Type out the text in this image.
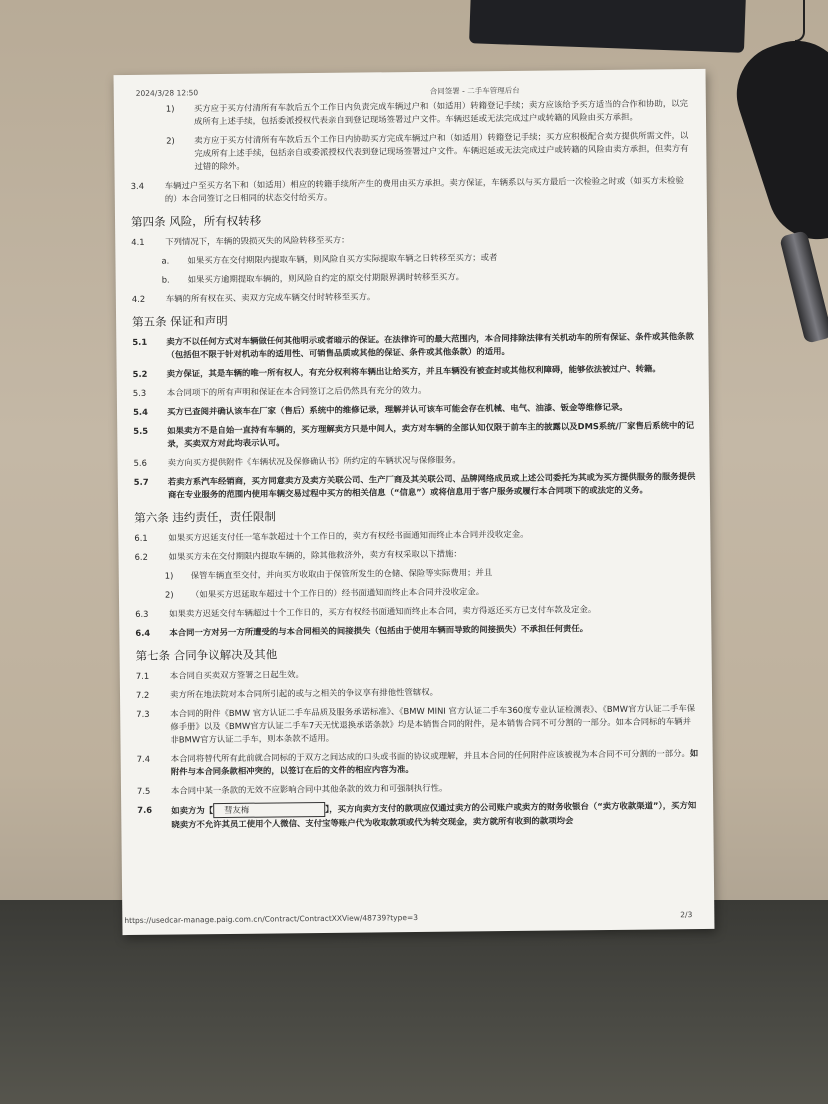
2024/3/28 12:50	合同签署 - 二手车管理后台
1)	买方应于买方付清所有车款后五个工作日内负责完成车辆过户和（如适用）转籍登记手续；卖方应该给予买方适当的合作和协助，以完成所有上述手续，包括委派授权代表亲自到登记现场签署过户文件。车辆迟延或无法完成过户或转籍的风险由买方承担。
2)	卖方应于买方付清所有车款后五个工作日内协助买方完成车辆过户和（如适用）转籍登记手续；买方应积极配合卖方提供所需文件，以完成所有上述手续，包括亲自或委派授权代表到登记现场签署过户文件。车辆迟延或无法完成过户或转籍的风险由卖方承担，但卖方有过错的除外。
3.4	车辆过户至买方名下和（如适用）相应的转籍手续所产生的费用由买方承担。卖方保证，车辆系以与买方最后一次检验之时或（如买方未检验的）本合同签订之日相同的状态交付给买方。
第四条 风险，所有权转移
4.1	下列情况下，车辆的毁损灭失的风险转移至买方：
a.	如果买方在交付期限内提取车辆，则风险自买方实际提取车辆之日转移至买方；或者
b.	如果买方逾期提取车辆的，则风险自约定的原交付期限界满时转移至买方。
4.2	车辆的所有权在买、卖双方完成车辆交付时转移至买方。
第五条 保证和声明
5.1	卖方不以任何方式对车辆做任何其他明示或者暗示的保证。在法律许可的最大范围内，本合同排除法律有关机动车的所有保证、条件或其他条款（包括但不限于针对机动车的适用性、可销售品质或其他的保证、条件或其他条款）的适用。
5.2	卖方保证，其是车辆的唯一所有权人，有充分权利将车辆出让给买方，并且车辆没有被查封或其他权利障碍，能够依法被过户、转籍。
5.3	本合同项下的所有声明和保证在本合同签订之后仍然具有充分的效力。
5.4	买方已查阅并确认该车在厂家（售后）系统中的维修记录，理解并认可该车可能会存在机械、电气、油漆、钣金等维修记录。
5.5	如果卖方不是自始一直持有车辆的，买方理解卖方只是中间人，卖方对车辆的全部认知仅限于前车主的披露以及DMS系统/厂家售后系统中的记录，买卖双方对此均表示认可。
5.6	卖方向买方提供附件《车辆状况及保修确认书》所约定的车辆状况与保修服务。
5.7	若卖方系汽车经销商，买方同意卖方及卖方关联公司、生产厂商及其关联公司、品牌网络成员或上述公司委托为其或为买方提供服务的服务提供商在专业服务的范围内使用车辆交易过程中买方的相关信息（“信息”）或将信息用于客户服务或履行本合同项下的或法定的义务。
第六条 违约责任，责任限制
6.1	如果买方迟延支付任一笔车款超过十个工作日的，卖方有权经书面通知而终止本合同并没收定金。
6.2	如果买方未在交付期限内提取车辆的，除其他救济外，卖方有权采取以下措施：
1)	保管车辆直至交付，并向买方收取由于保管所发生的仓储、保险等实际费用；并且
2)	（如果买方迟延取车超过十个工作日的）经书面通知而终止本合同并没收定金。
6.3	如果卖方迟延交付车辆超过十个工作日的，买方有权经书面通知而终止本合同，卖方得返还买方已支付车款及定金。
6.4	本合同一方对另一方所遭受的与本合同相关的间接损失（包括由于使用车辆而导致的间接损失）不承担任何责任。
第七条 合同争议解决及其他
7.1	本合同自买卖双方签署之日起生效。
7.2	卖方所在地法院对本合同所引起的或与之相关的争议享有排他性管辖权。
7.3	本合同的附件《BMW 官方认证二手车品质及服务承诺标准》、《BMW MINI 官方认证二手车360度专业认证检测表》、《BMW官方认证二手车保修手册》以及《BMW官方认证二手车7天无忧退换承诺条款》均是本销售合同的附件，是本销售合同不可分割的一部分。如本合同标的车辆并非BMW官方认证二手车，则本条款不适用。
7.4	本合同将替代所有此前就合同标的于双方之间达成的口头或书面的协议或理解，并且本合同的任何附件应该被视为本合同不可分割的一部分。如附件与本合同条款相冲突的，以签订在后的文件的相应内容为准。
7.5	本合同中某一条款的无效不应影响合同中其他条款的效力和可强制执行性。
7.6	如卖方为【 彗友梅	】，买方向卖方支付的款项应仅通过卖方的公司账户或卖方的财务收银台（“卖方收款渠道”），买方知晓卖方不允许其员工使用个人微信、支付宝等账户代为收取款项或代为转交现金，卖方就所有收到的款项均会
https://usedcar-manage.paig.com.cn/Contract/ContractXXView/48739?type=3	2/3
